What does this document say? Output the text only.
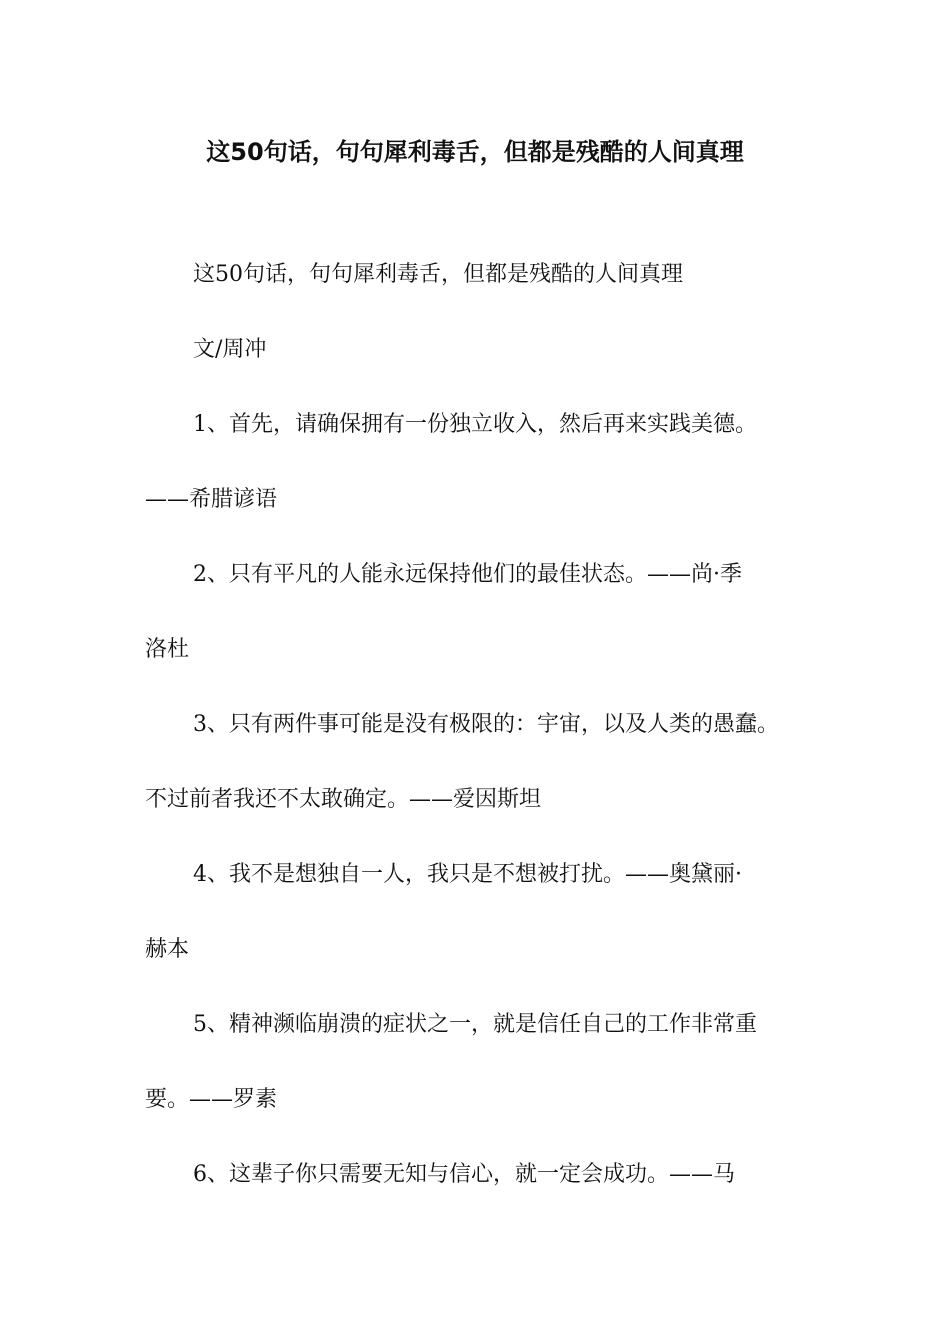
这50句话，句句犀利毒舌，但都是残酷的人间真理

这50句话，句句犀利毒舌，但都是残酷的人间真理

文/周冲

1、首先，请确保拥有一份独立收入，然后再来实践美德。
——希腊谚语

2、只有平凡的人能永远保持他们的最佳状态。——尚·季
洛杜

3、只有两件事可能是没有极限的：宇宙，以及人类的愚蠢。
不过前者我还不太敢确定。——爱因斯坦

4、我不是想独自一人，我只是不想被打扰。——奥黛丽·
赫本

5、精神濒临崩溃的症状之一，就是信任自己的工作非常重
要。——罗素

6、这辈子你只需要无知与信心，就一定会成功。——马
